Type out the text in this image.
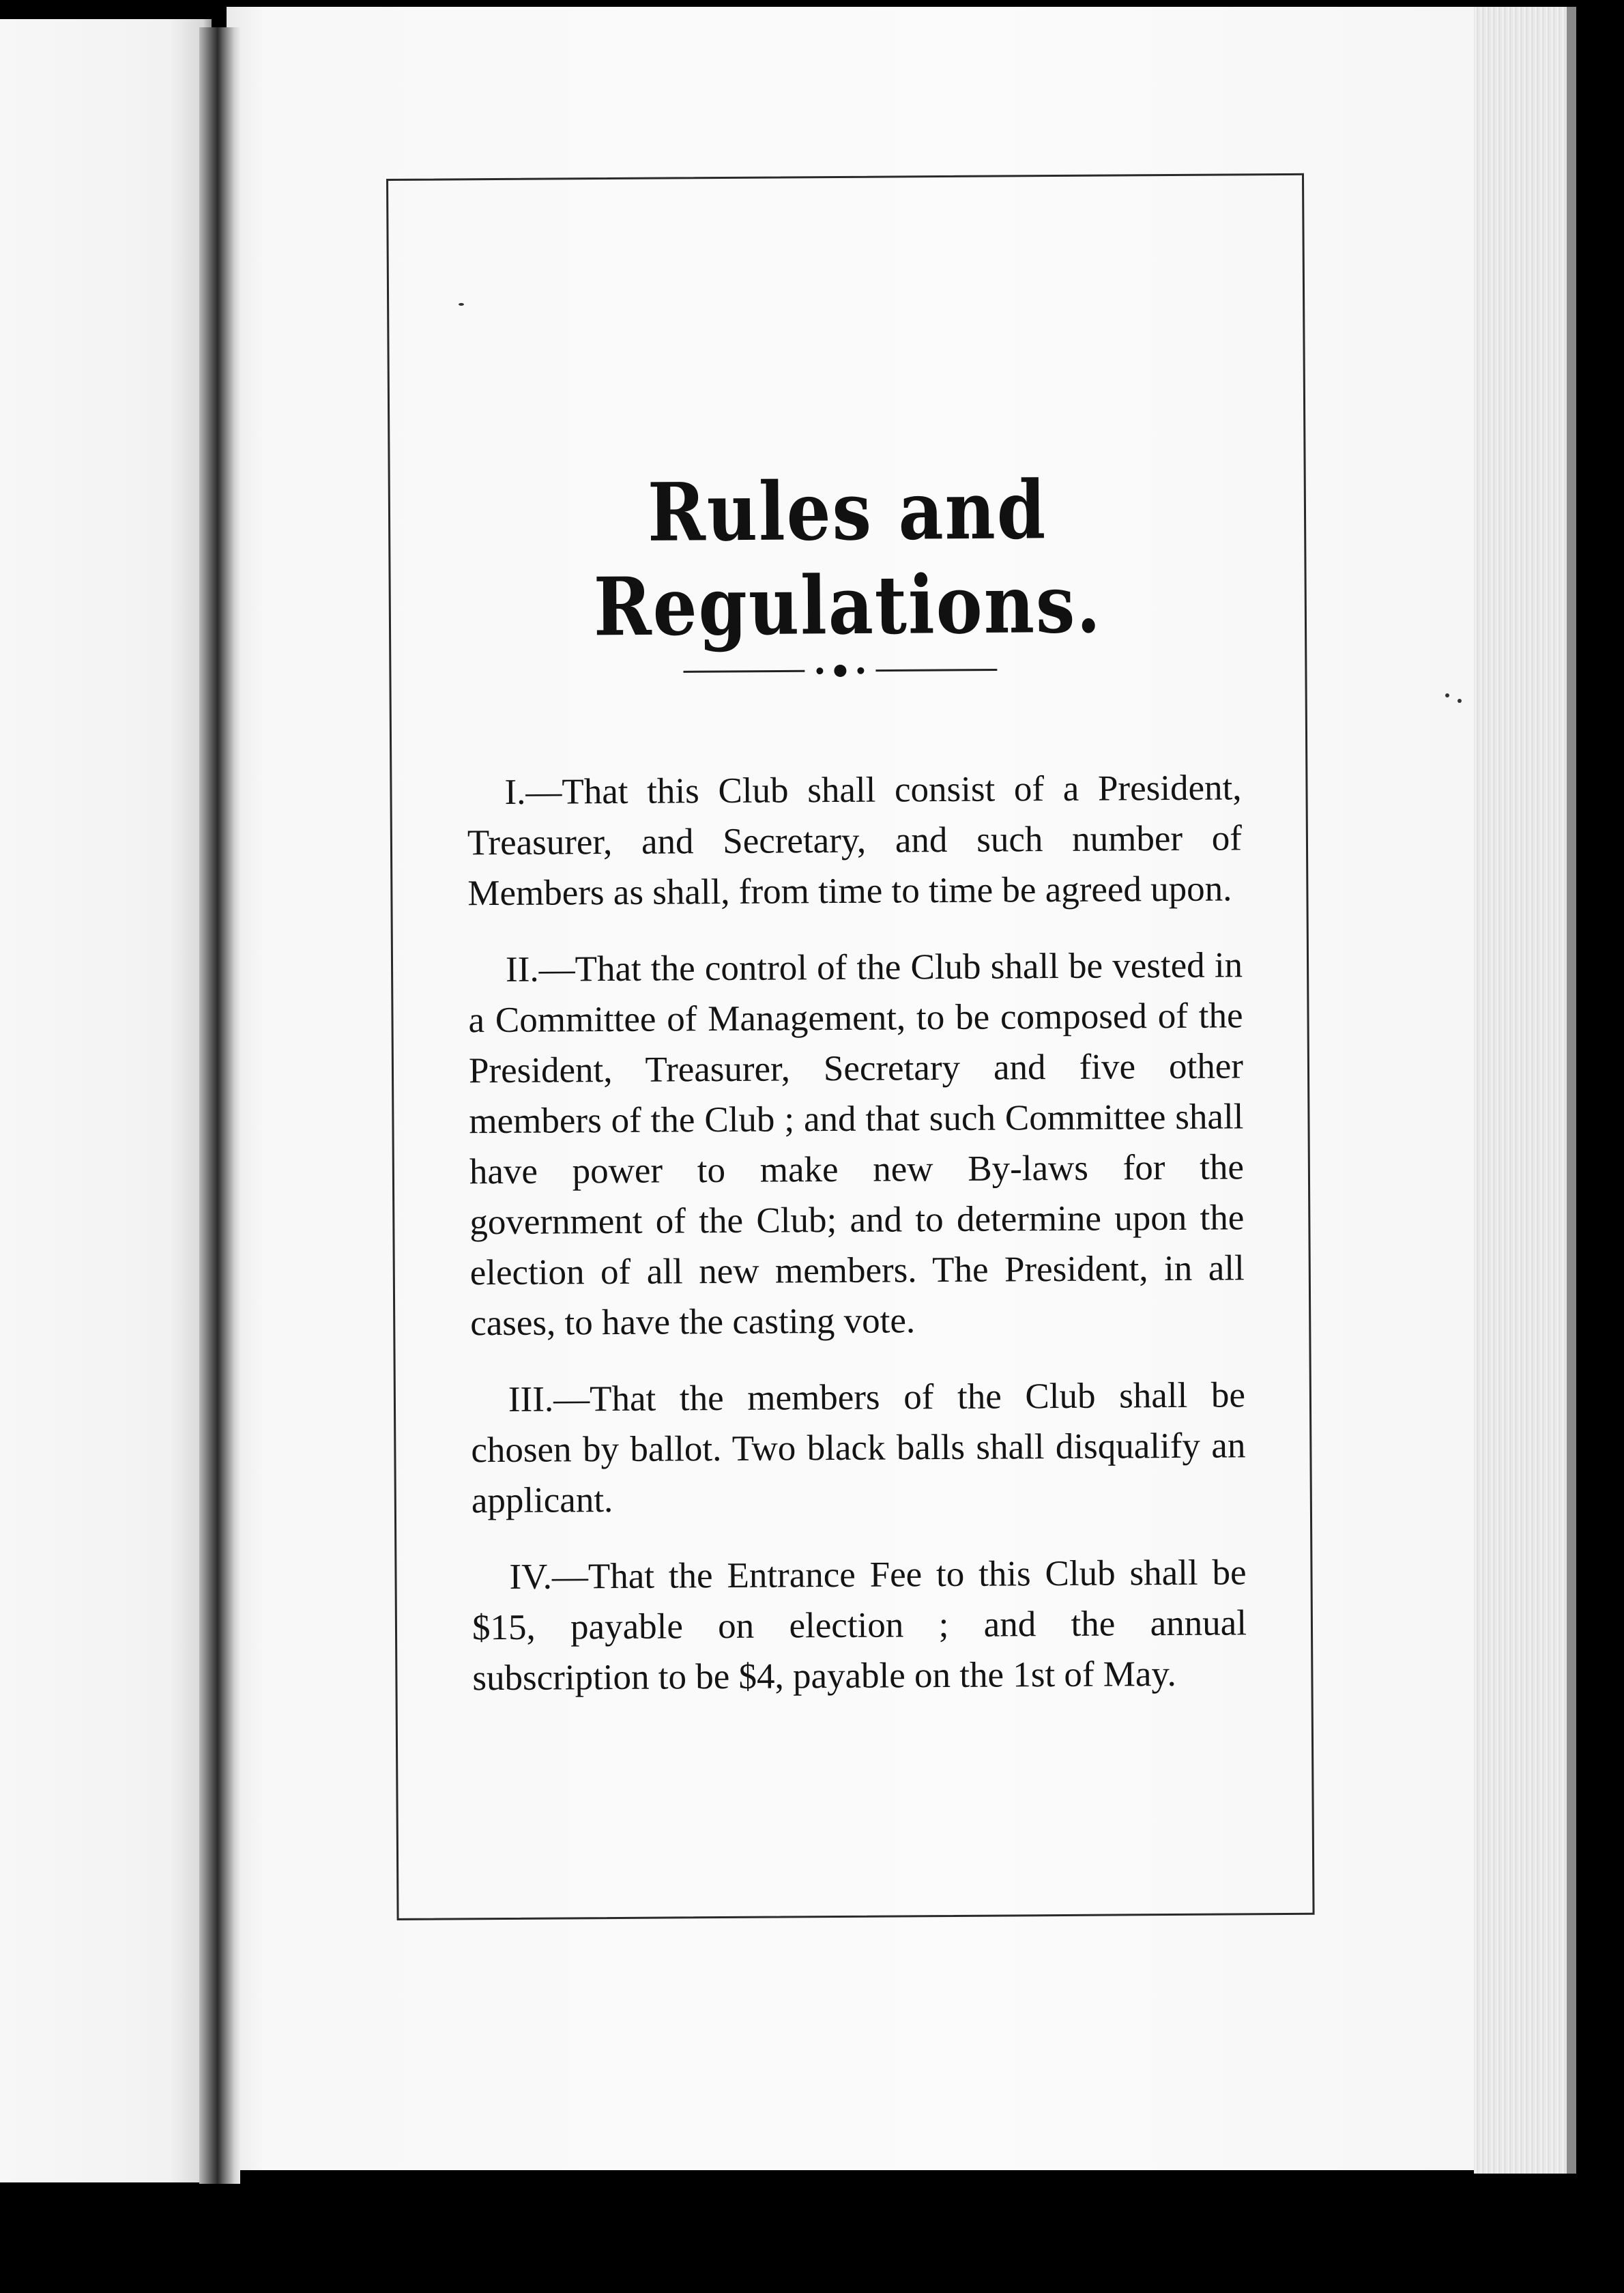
Rules and Regulations.

I.—That this Club shall consist of a President, Treasurer, and Secretary, and such number of Members as shall, from time to time be agreed upon.

II.—That the control of the Club shall be vested in a Committee of Management, to be composed of the President, Treasurer, Secretary and five other members of the Club ; and that such Committee shall have power to make new By-laws for the government of the Club; and to determine upon the election of all new members. The President, in all cases, to have the casting vote.

III.—That the members of the Club shall be chosen by ballot. Two black balls shall disqualify an applicant.

IV.—That the Entrance Fee to this Club shall be $15, payable on election ; and the annual subscription to be $4, payable on the 1st of May.
